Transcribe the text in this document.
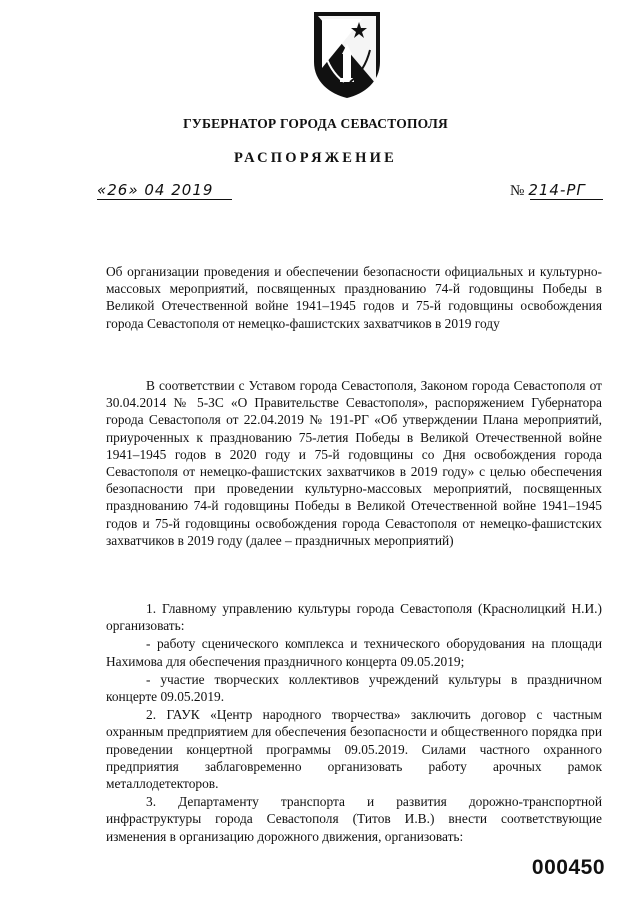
ГУБЕРНАТОР ГОРОДА СЕВАСТОПОЛЯ
РАСПОРЯЖЕНИЕ
«26» 04 2019	№ 214-РГ

Об организации проведения и обеспечении безопасности официальных и культурно-массовых мероприятий, посвященных празднованию 74-й годовщины Победы в Великой Отечественной войне 1941–1945 годов и 75-й годовщины освобождения города Севастополя от немецко-фашистских захватчиков в 2019 году

В соответствии с Уставом города Севастополя, Законом города Севастополя от 30.04.2014 № 5-ЗС «О Правительстве Севастополя», распоряжением Губернатора города Севастополя от 22.04.2019 № 191-РГ «Об утверждении Плана мероприятий, приуроченных к празднованию 75-летия Победы в Великой Отечественной войне 1941–1945 годов в 2020 году и 75-й годовщины со Дня освобождения города Севастополя от немецко-фашистских захватчиков в 2019 году» с целью обеспечения безопасности при проведении культурно-массовых мероприятий, посвященных празднованию 74-й годовщины Победы в Великой Отечественной войне 1941–1945 годов и 75-й годовщины освобождения города Севастополя от немецко-фашистских захватчиков в 2019 году (далее – праздничных мероприятий)

1. Главному управлению культуры города Севастополя (Краснолицкий Н.И.) организовать:

- работу сценического комплекса и технического оборудования на площади Нахимова для обеспечения праздничного концерта 09.05.2019;

- участие творческих коллективов учреждений культуры в праздничном концерте 09.05.2019.

2. ГАУК «Центр народного творчества» заключить договор с частным охранным предприятием для обеспечения безопасности и общественного порядка при проведении концертной программы 09.05.2019. Силами частного охранного предприятия заблаговременно организовать работу арочных рамок металлодетекторов.

3. Департаменту транспорта и развития дорожно-транспортной инфраструктуры города Севастополя (Титов И.В.) внести соответствующие изменения в организацию дорожного движения, организовать:

000450
